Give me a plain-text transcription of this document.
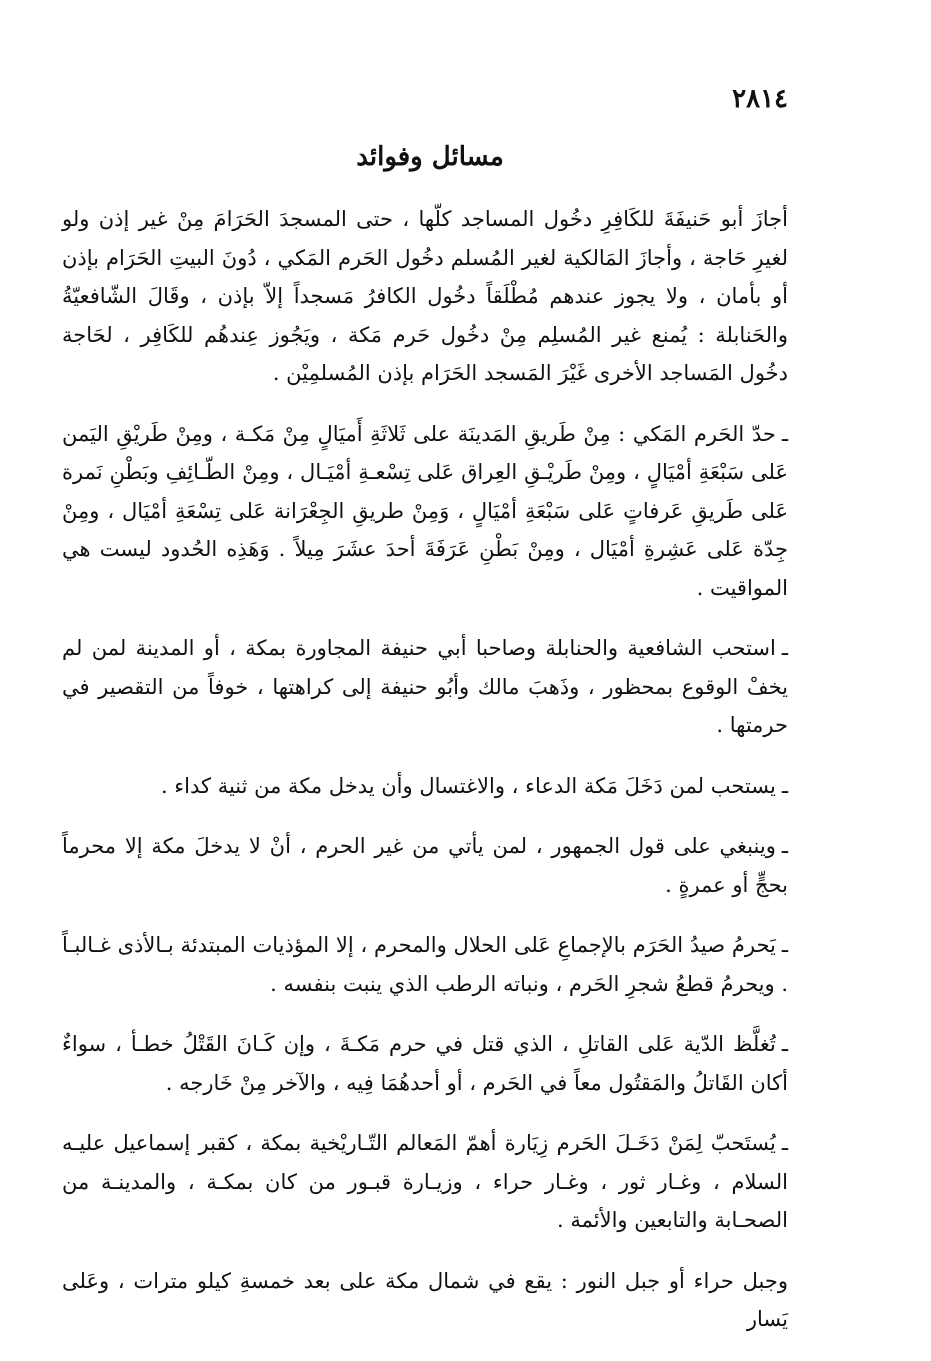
٢٨١٤
مسائل وفوائد

أجازَ أبو حَنيفَةَ للكَافِرِ دخُول المساجد كلّها ، حتى المسجدَ الحَرَامَ مِنْ غير إذن ولو لغيرِ حَاجة ، وأجازَ المَالكية لغير المُسلم دخُول الحَرم المَكي ، دُونَ البيتِ الحَرَام بإذن أو بأمان ، ولا يجوز عندهم مُطْلَقاً دخُول الكافرُ مَسجداً إلاّ بإذن ، وقَالَ الشّافعيّةُ والحَنابلة : يُمنع غير المُسلِم مِنْ دخُول حَرم مَكة ، ويَجُوز عِندهُم للكَافِر ، لحَاجة دخُول المَساجد الأخرى غَيْرَ المَسجد الحَرَام بإذن المُسلمِيْن .

ـحدّ الحَرم المَكي : مِنْ طَريقِ المَدينَة على ثَلاثَةِ أَميَالٍ مِنْ مَكـة ، ومِنْ طَريْقِ اليَمن عَلى سَبْعَةِ أمْيَالٍ ، ومِنْ طَريْـقِ العِراق عَلى تِسْعـةِ أمْيَـال ، ومِنْ الطّـائِفِ وبَطْنِ نَمرة عَلى طَريقِ عَرفاتٍ عَلى سَبْعَةِ أمْيَالٍ ، وَمِنْ طريقِ الجِعْرَانة عَلى تِسْعَةِ أمْيَال ، ومِنْ جِدّة عَلى عَشِرةِ أمْيَال ، ومِنْ بَطْنِ عَرَفَةَ أحدَ عشَرَ مِيلاً . وَهَذِه الحُدود ليست هي المواقيت .

ـاستحب الشافعية والحنابلة وصاحبا أبي حنيفة المجاورة بمكة ، أو المدينة لمن لم يخفْ الوقوع بمحظور ، وذَهبَ مالك وأبُو حنيفة إلى كراهتها ، خوفاً من التقصير في حرمتها .

ـيستحب لمن دَخَلَ مَكة الدعاء ، والاغتسال وأن يدخل مكة من ثنية كداء .

ـوينبغي على قول الجمهور ، لمن يأتي من غير الحرم ، أنْ لا يدخلَ مكة إلا محرماً بحجٍّ أو عمرةٍ .

ـيَحرمُ صيدُ الحَرَم بالإجماعِ عَلى الحلال والمحرم ، إلا المؤذيات المبتدئة بـالأذى غـالبـاً . ويحرمُ قطعُ شجرِ الحَرم ، ونباته الرطب الذي ينبت بنفسه .

ـتُغلَّظ الدّية عَلى القاتلِ ، الذي قتل في حرم مَكـةَ ، وإن كَـانَ القَتْلُ خطـأ ، سواءٌ أكان القَاتلُ والمَقتُول معاً في الحَرم ، أو أحدهُمَا فِيه ، والآخر مِنْ خَارجه .

ـيُستَحبّ لِمَنْ دَخَـلَ الحَرم زِيَارة أهمّ المَعالم التّـاريْخية بمكة ، كقبر إسماعيل عليـه السلام ، وغـار ثور ، وغـار حراء ، وزيـارة قبـور من كان بمكـة ، والمدينـة من الصحـابة والتابعين والأئمة .

وجبل حراء أو جبل النور : يقع في شمال مكة على بعد خمسةِ كيلو مترات ، وعَلى يَسار
